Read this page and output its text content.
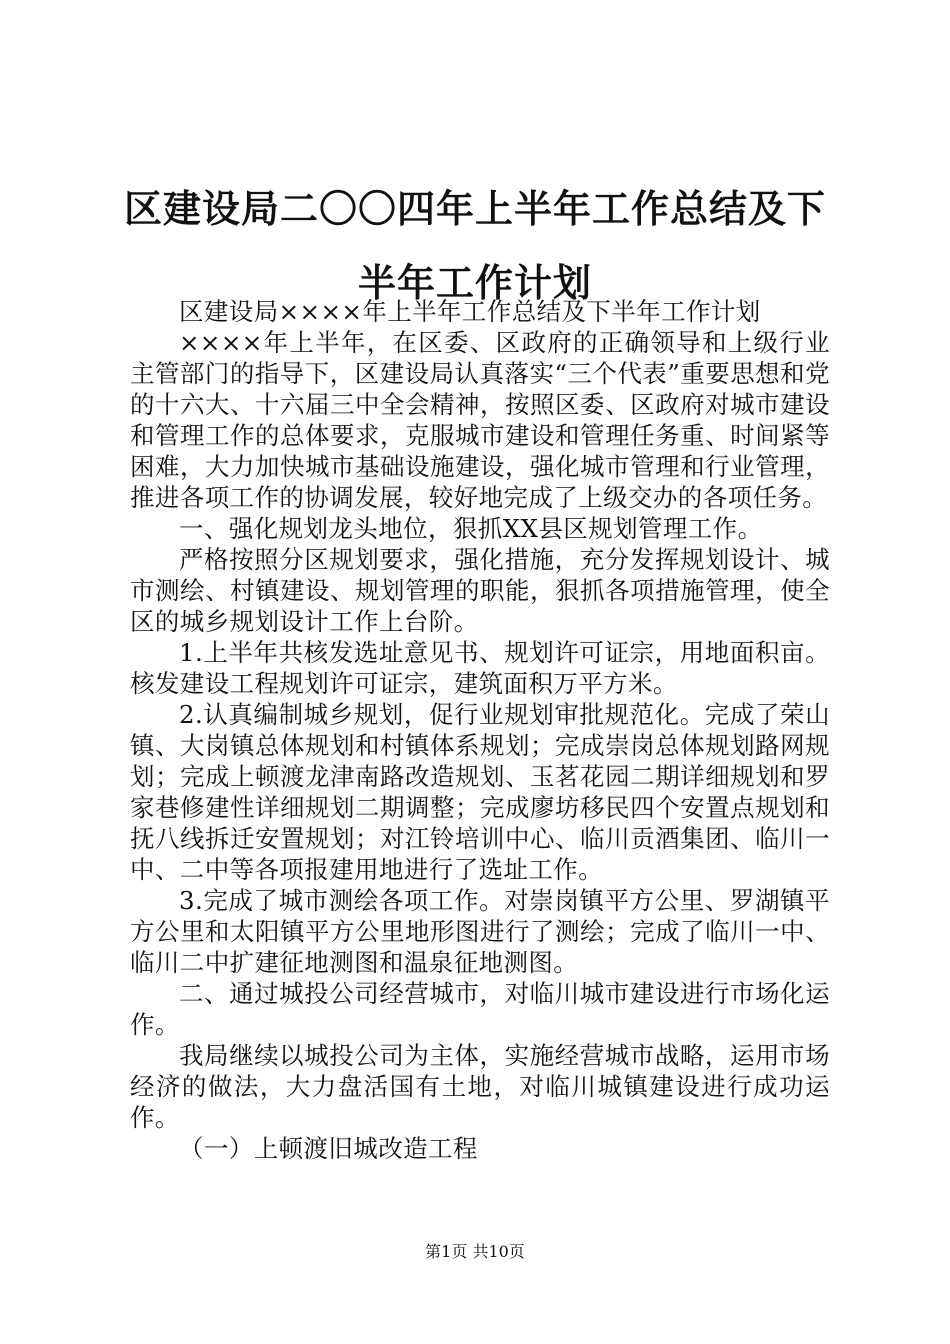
区建设局二〇〇四年上半年工作总结及下半年工作计划

区建设局××××年上半年工作总结及下半年工作计划

××××年上半年，在区委、区政府的正确领导和上级行业主管部门的指导下，区建设局认真落实“三个代表”重要思想和党的十六大、十六届三中全会精神，按照区委、区政府对城市建设和管理工作的总体要求，克服城市建设和管理任务重、时间紧等困难，大力加快城市基础设施建设，强化城市管理和行业管理，推进各项工作的协调发展，较好地完成了上级交办的各项任务。

一、强化规划龙头地位，狠抓XX县区规划管理工作。

严格按照分区规划要求，强化措施，充分发挥规划设计、城市测绘、村镇建设、规划管理的职能，狠抓各项措施管理，使全区的城乡规划设计工作上台阶。

1.上半年共核发选址意见书、规划许可证宗，用地面积亩。核发建设工程规划许可证宗，建筑面积万平方米。

2.认真编制城乡规划，促行业规划审批规范化。完成了荣山镇、大岗镇总体规划和村镇体系规划；完成崇岗总体规划路网规划；完成上顿渡龙津南路改造规划、玉茗花园二期详细规划和罗家巷修建性详细规划二期调整；完成廖坊移民四个安置点规划和抚八线拆迁安置规划；对江铃培训中心、临川贡酒集团、临川一中、二中等各项报建用地进行了选址工作。

3.完成了城市测绘各项工作。对崇岗镇平方公里、罗湖镇平方公里和太阳镇平方公里地形图进行了测绘；完成了临川一中、临川二中扩建征地测图和温泉征地测图。

二、通过城投公司经营城市，对临川城市建设进行市场化运作。

我局继续以城投公司为主体，实施经营城市战略，运用市场经济的做法，大力盘活国有土地，对临川城镇建设进行成功运作。

（一）上顿渡旧城改造工程

第1页 共10页
